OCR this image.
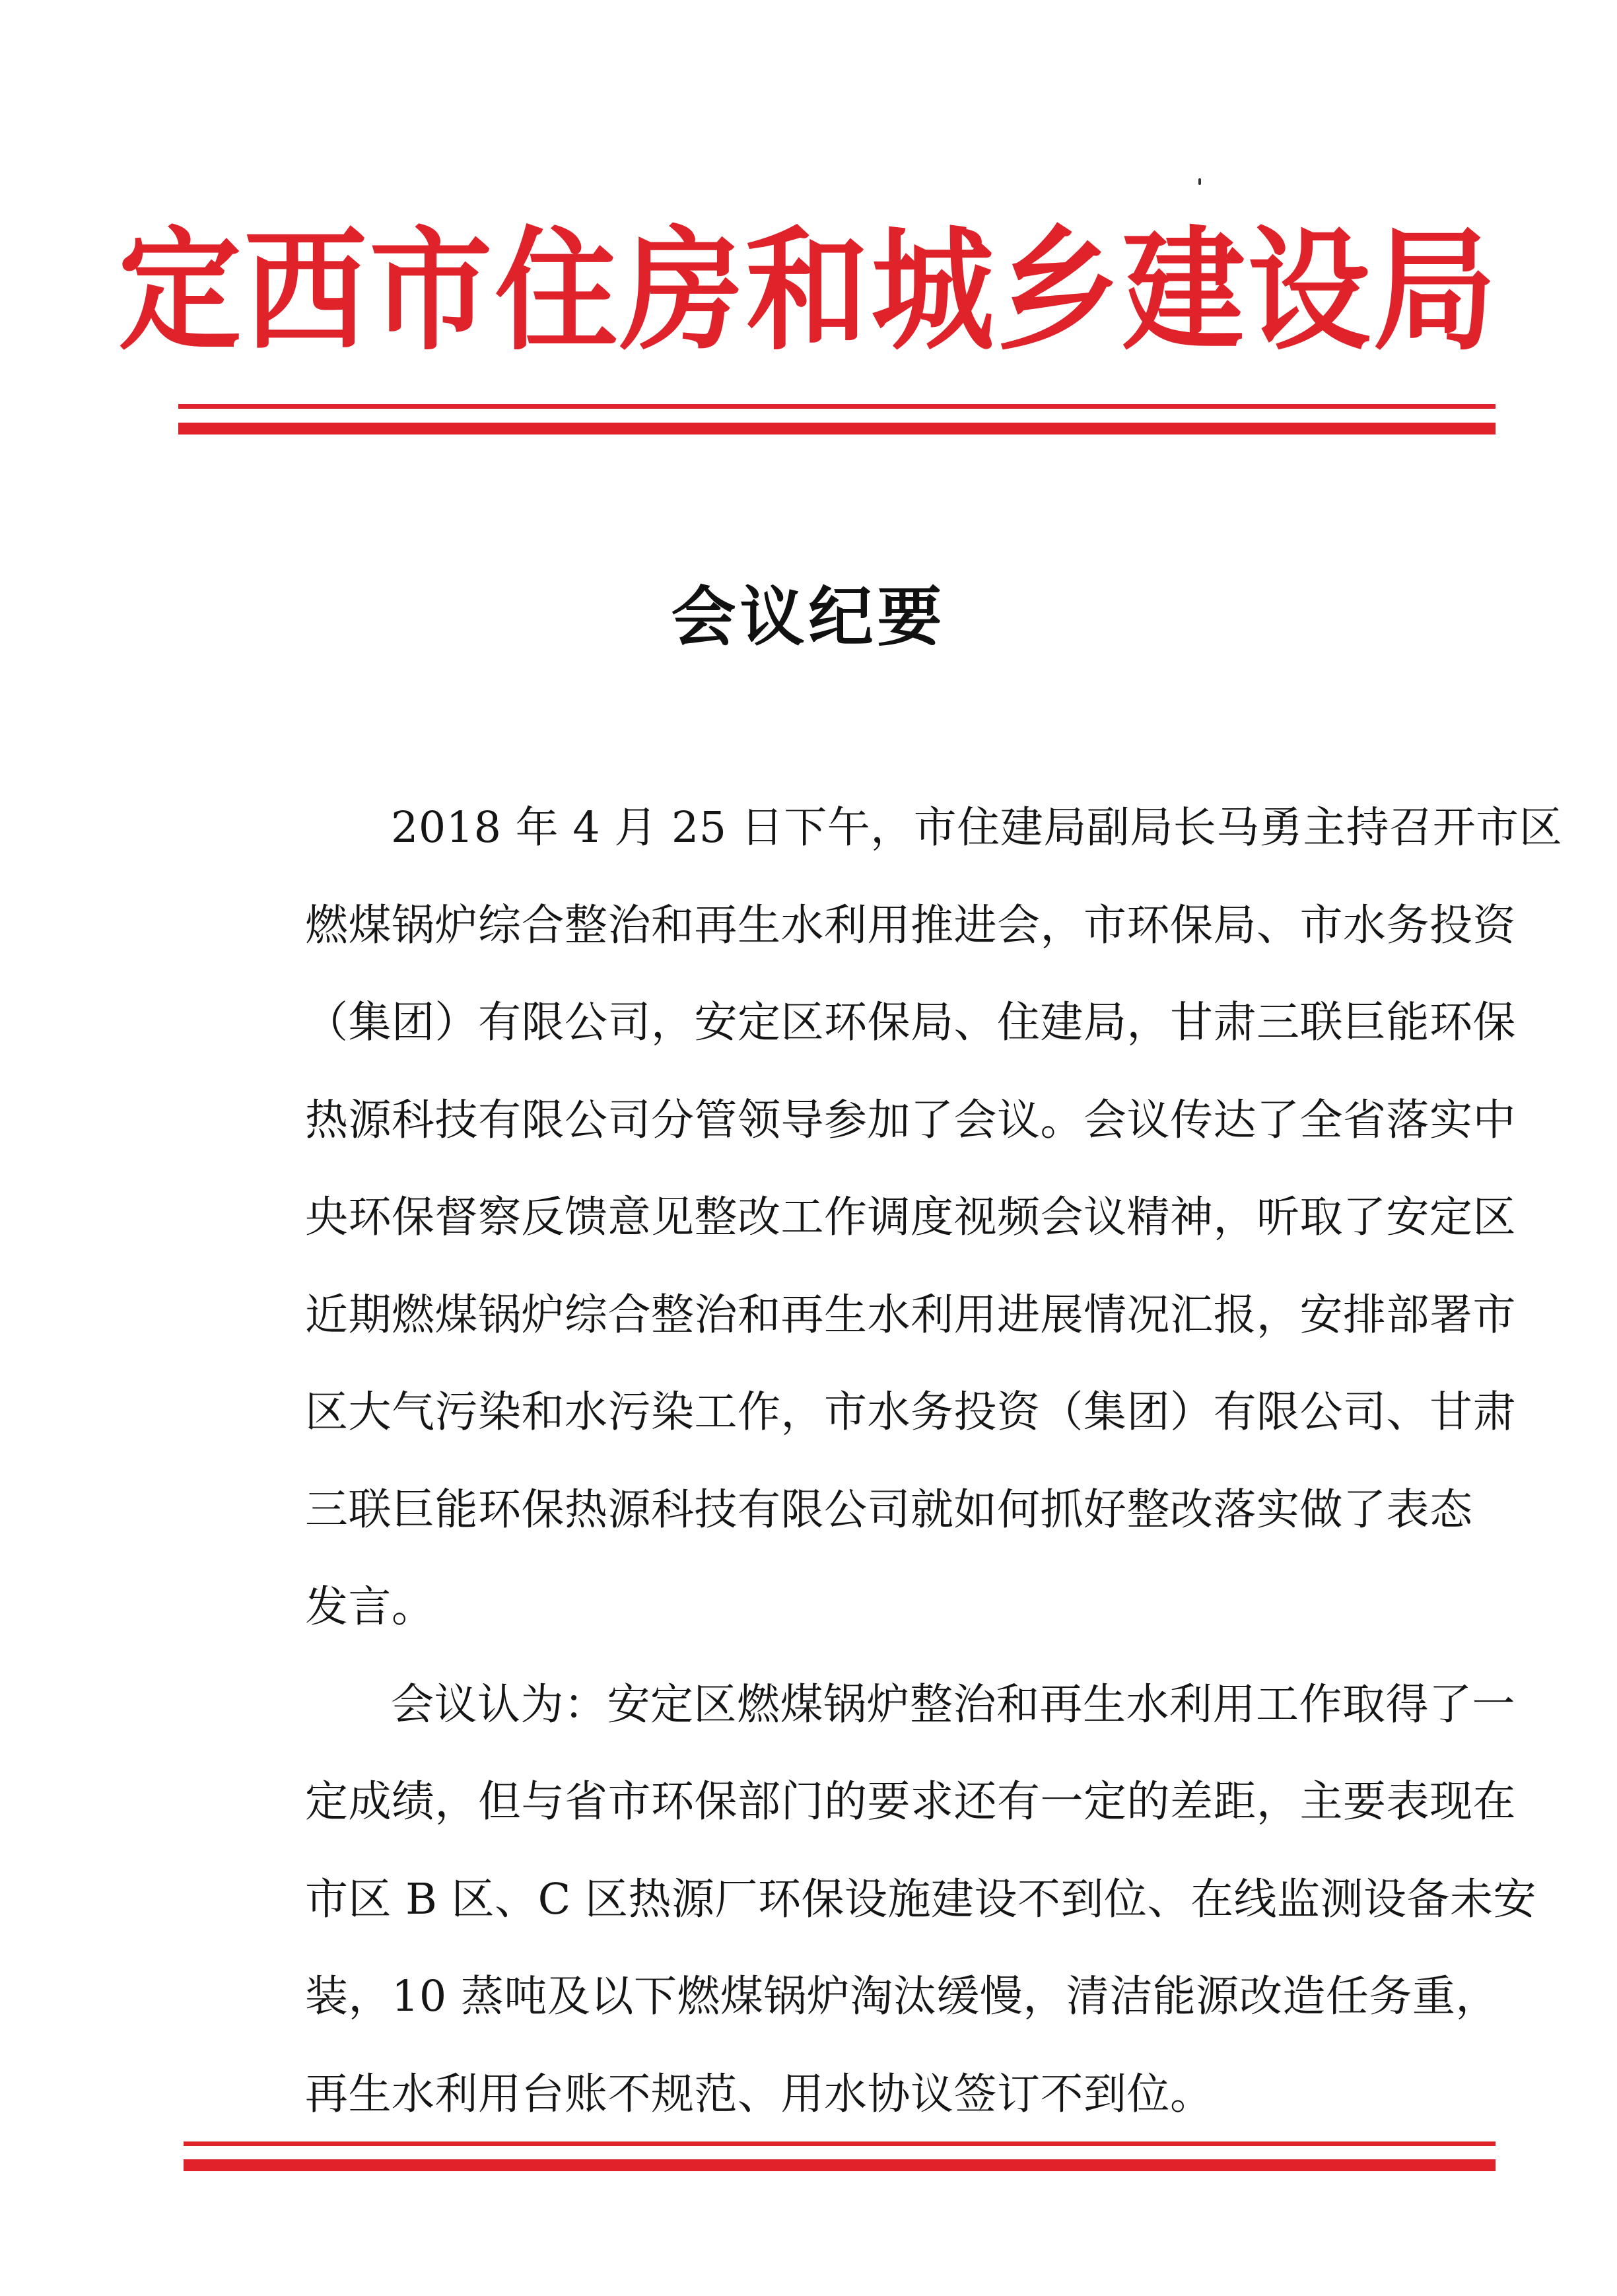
定西市住房和城乡建设局
会议纪要
2018 年 4 月 25 日下午，市住建局副局长马勇主持召开市区
燃煤锅炉综合整治和再生水利用推进会，市环保局、市水务投资
（集团）有限公司，安定区环保局、住建局，甘肃三联巨能环保
热源科技有限公司分管领导参加了会议。会议传达了全省落实中
央环保督察反馈意见整改工作调度视频会议精神，听取了安定区
近期燃煤锅炉综合整治和再生水利用进展情况汇报，安排部署市
区大气污染和水污染工作，市水务投资（集团）有限公司、甘肃
三联巨能环保热源科技有限公司就如何抓好整改落实做了表态
发言。
会议认为：安定区燃煤锅炉整治和再生水利用工作取得了一
定成绩，但与省市环保部门的要求还有一定的差距，主要表现在
市区 B 区、C 区热源厂环保设施建设不到位、在线监测设备未安
装，10 蒸吨及以下燃煤锅炉淘汰缓慢，清洁能源改造任务重，
再生水利用台账不规范、用水协议签订不到位。
